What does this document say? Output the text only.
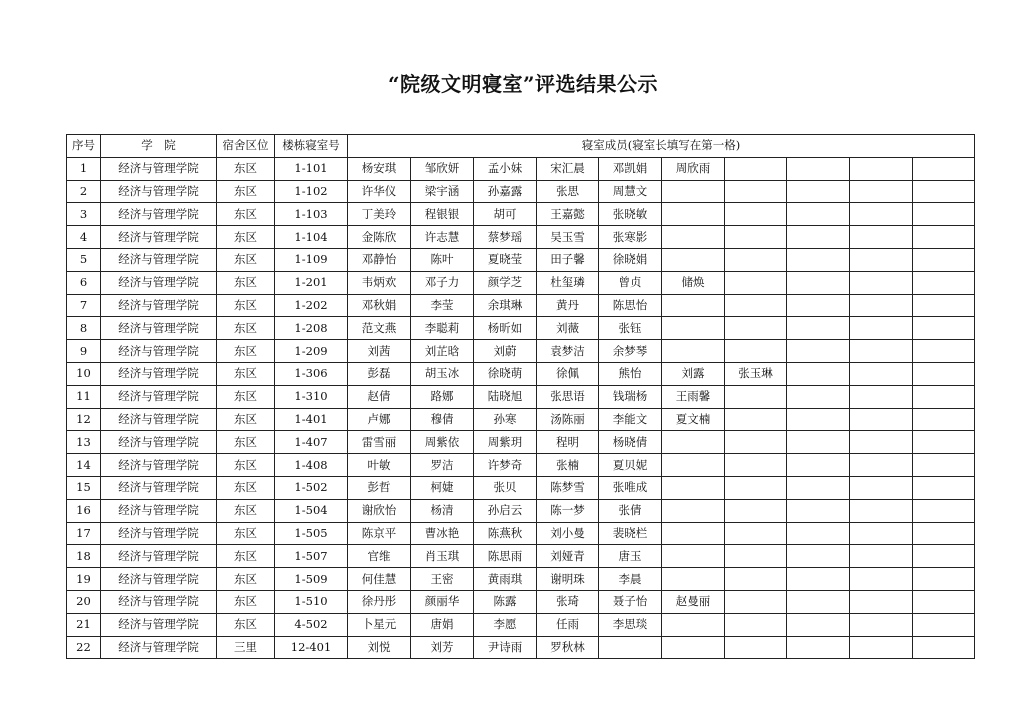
“院级文明寝室”评选结果公示
序号	学　院	宿舍区位	楼栋寝室号	寝室成员(寝室长填写在第一格)									
1	经济与管理学院	东区	1-101	杨安琪	邹欣妍	孟小妹	宋汇晨	邓凯娟	周欣雨				
2	经济与管理学院	东区	1-102	许华仪	梁宇涵	孙嘉露	张思	周慧文					
3	经济与管理学院	东区	1-103	丁美玲	程银银	胡可	王嘉懿	张晓敏					
4	经济与管理学院	东区	1-104	金陈欣	许志慧	蔡梦瑶	吴玉雪	张寒影					
5	经济与管理学院	东区	1-109	邓静怡	陈叶	夏晓莹	田子馨	徐晓娟					
6	经济与管理学院	东区	1-201	韦炳欢	邓子力	颜学芝	杜玺璘	曾贞	储焕				
7	经济与管理学院	东区	1-202	邓秋娟	李莹	余琪琳	黄丹	陈思怡					
8	经济与管理学院	东区	1-208	范文燕	李聪莉	杨昕如	刘薇	张钰					
9	经济与管理学院	东区	1-209	刘茜	刘芷晗	刘蔚	袁梦洁	余梦琴					
10	经济与管理学院	东区	1-306	彭磊	胡玉冰	徐晓萌	徐佩	熊怡	刘露	张玉琳			
11	经济与管理学院	东区	1-310	赵倩	路娜	陆晓旭	张思语	钱瑞杨	王雨馨				
12	经济与管理学院	东区	1-401	卢娜	穆倩	孙寒	汤陈丽	李能文	夏文楠				
13	经济与管理学院	东区	1-407	雷雪丽	周紫依	周紫玥	程明	杨晓倩					
14	经济与管理学院	东区	1-408	叶敏	罗洁	许梦奇	张楠	夏贝妮					
15	经济与管理学院	东区	1-502	彭哲	柯婕	张贝	陈梦雪	张唯成					
16	经济与管理学院	东区	1-504	谢欣怡	杨清	孙启云	陈一梦	张倩					
17	经济与管理学院	东区	1-505	陈京平	曹冰艳	陈燕秋	刘小曼	裴晓栏					
18	经济与管理学院	东区	1-507	官维	肖玉琪	陈思雨	刘娅青	唐玉					
19	经济与管理学院	东区	1-509	何佳慧	王密	黄雨琪	谢明珠	李晨					
20	经济与管理学院	东区	1-510	徐丹彤	颜丽华	陈露	张琦	聂子怡	赵曼丽				
21	经济与管理学院	东区	4-502	卜星元	唐娟	李愿	任雨	李思琰					
22	经济与管理学院	三里	12-401	刘悦	刘芳	尹诗雨	罗秋林						
